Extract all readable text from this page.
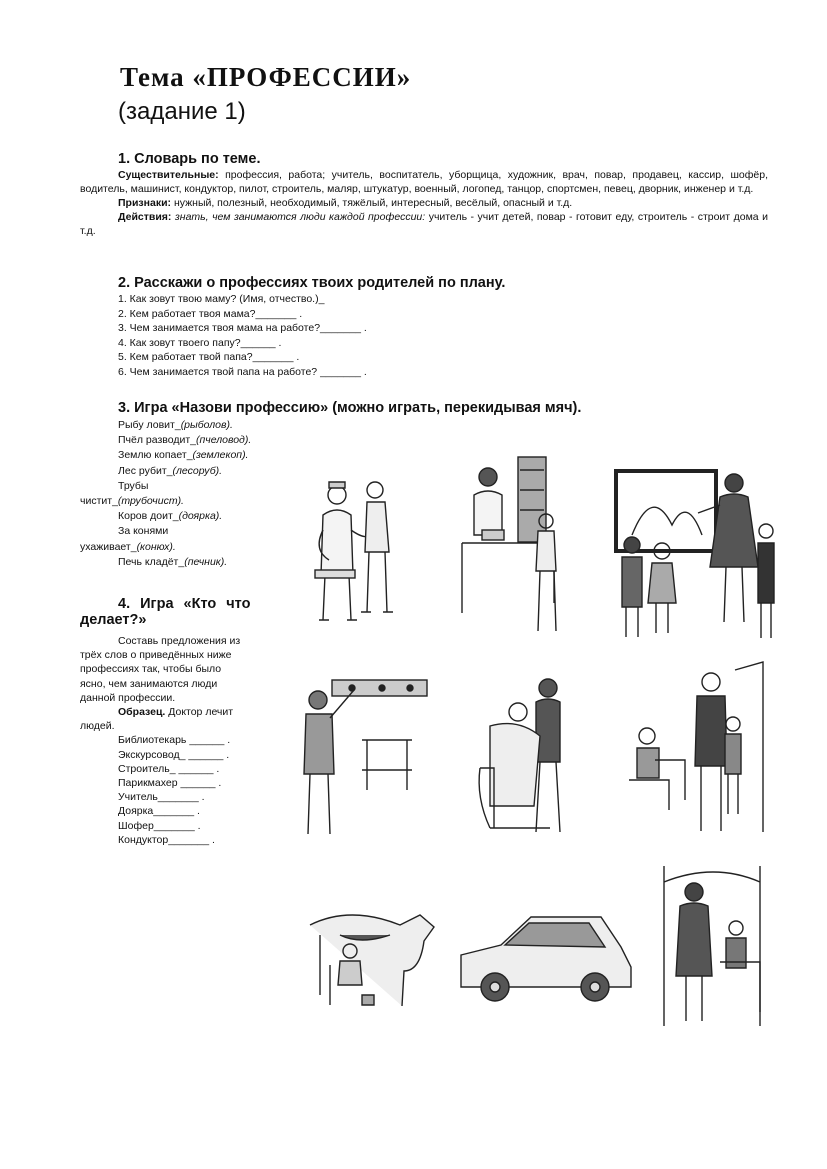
Тема «ПРОФЕССИИ»
(задание 1)
1. Словарь по теме.
Существительные: профессия, работа; учитель, воспитатель, уборщица, художник, врач, повар, продавец, кассир, шофёр, водитель, машинист, кондуктор, пилот, строитель, маляр, штукатур, военный, логопед, танцор, спортсмен, певец, дворник, инженер и т.д.
Признаки: нужный, полезный, необходимый, тяжёлый, интересный, весёлый, опасный и т.д.
Действия: знать, чем занимаются люди каждой профессии: учитель - учит детей, повар - готовит еду, строитель - строит дома и т.д.
2. Расскажи о профессиях твоих родителей по плану.
1. Как зовут твою маму? (Имя, отчество.)_
2. Кем работает твоя мама?_______ .
3. Чем занимается твоя мама на работе?_______ .
4. Как зовут твоего папу?______ .
5. Кем работает твой папа?_______ .
6. Чем занимается твой папа на работе? _______ .
3. Игра «Назови профессию» (можно играть, перекидывая мяч).
Рыбу ловит_(рыболов).
Пчёл разводит_(пчеловод).
Землю копает_(землекоп).
Лес рубит_(лесоруб).
Трубы
чистит_(трубочист).
Коров доит_(доярка).
За конями
ухаживает_(конюх).
Печь кладёт_(печник).
4. Игра «Кто что
делает?»
Составь предложения из
трёх слов о приведённых ниже
профессиях так, чтобы было
ясно, чем занимаются люди
данной профессии.
Образец. Доктор лечит
людей.
Библиотекарь ______ .
Экскурсовод_ ______ .
Строитель_ ______ .
Парикмахер ______ .
Учитель_______ .
Доярка_______ .
Шофер_______ .
Кондуктор_______ .
